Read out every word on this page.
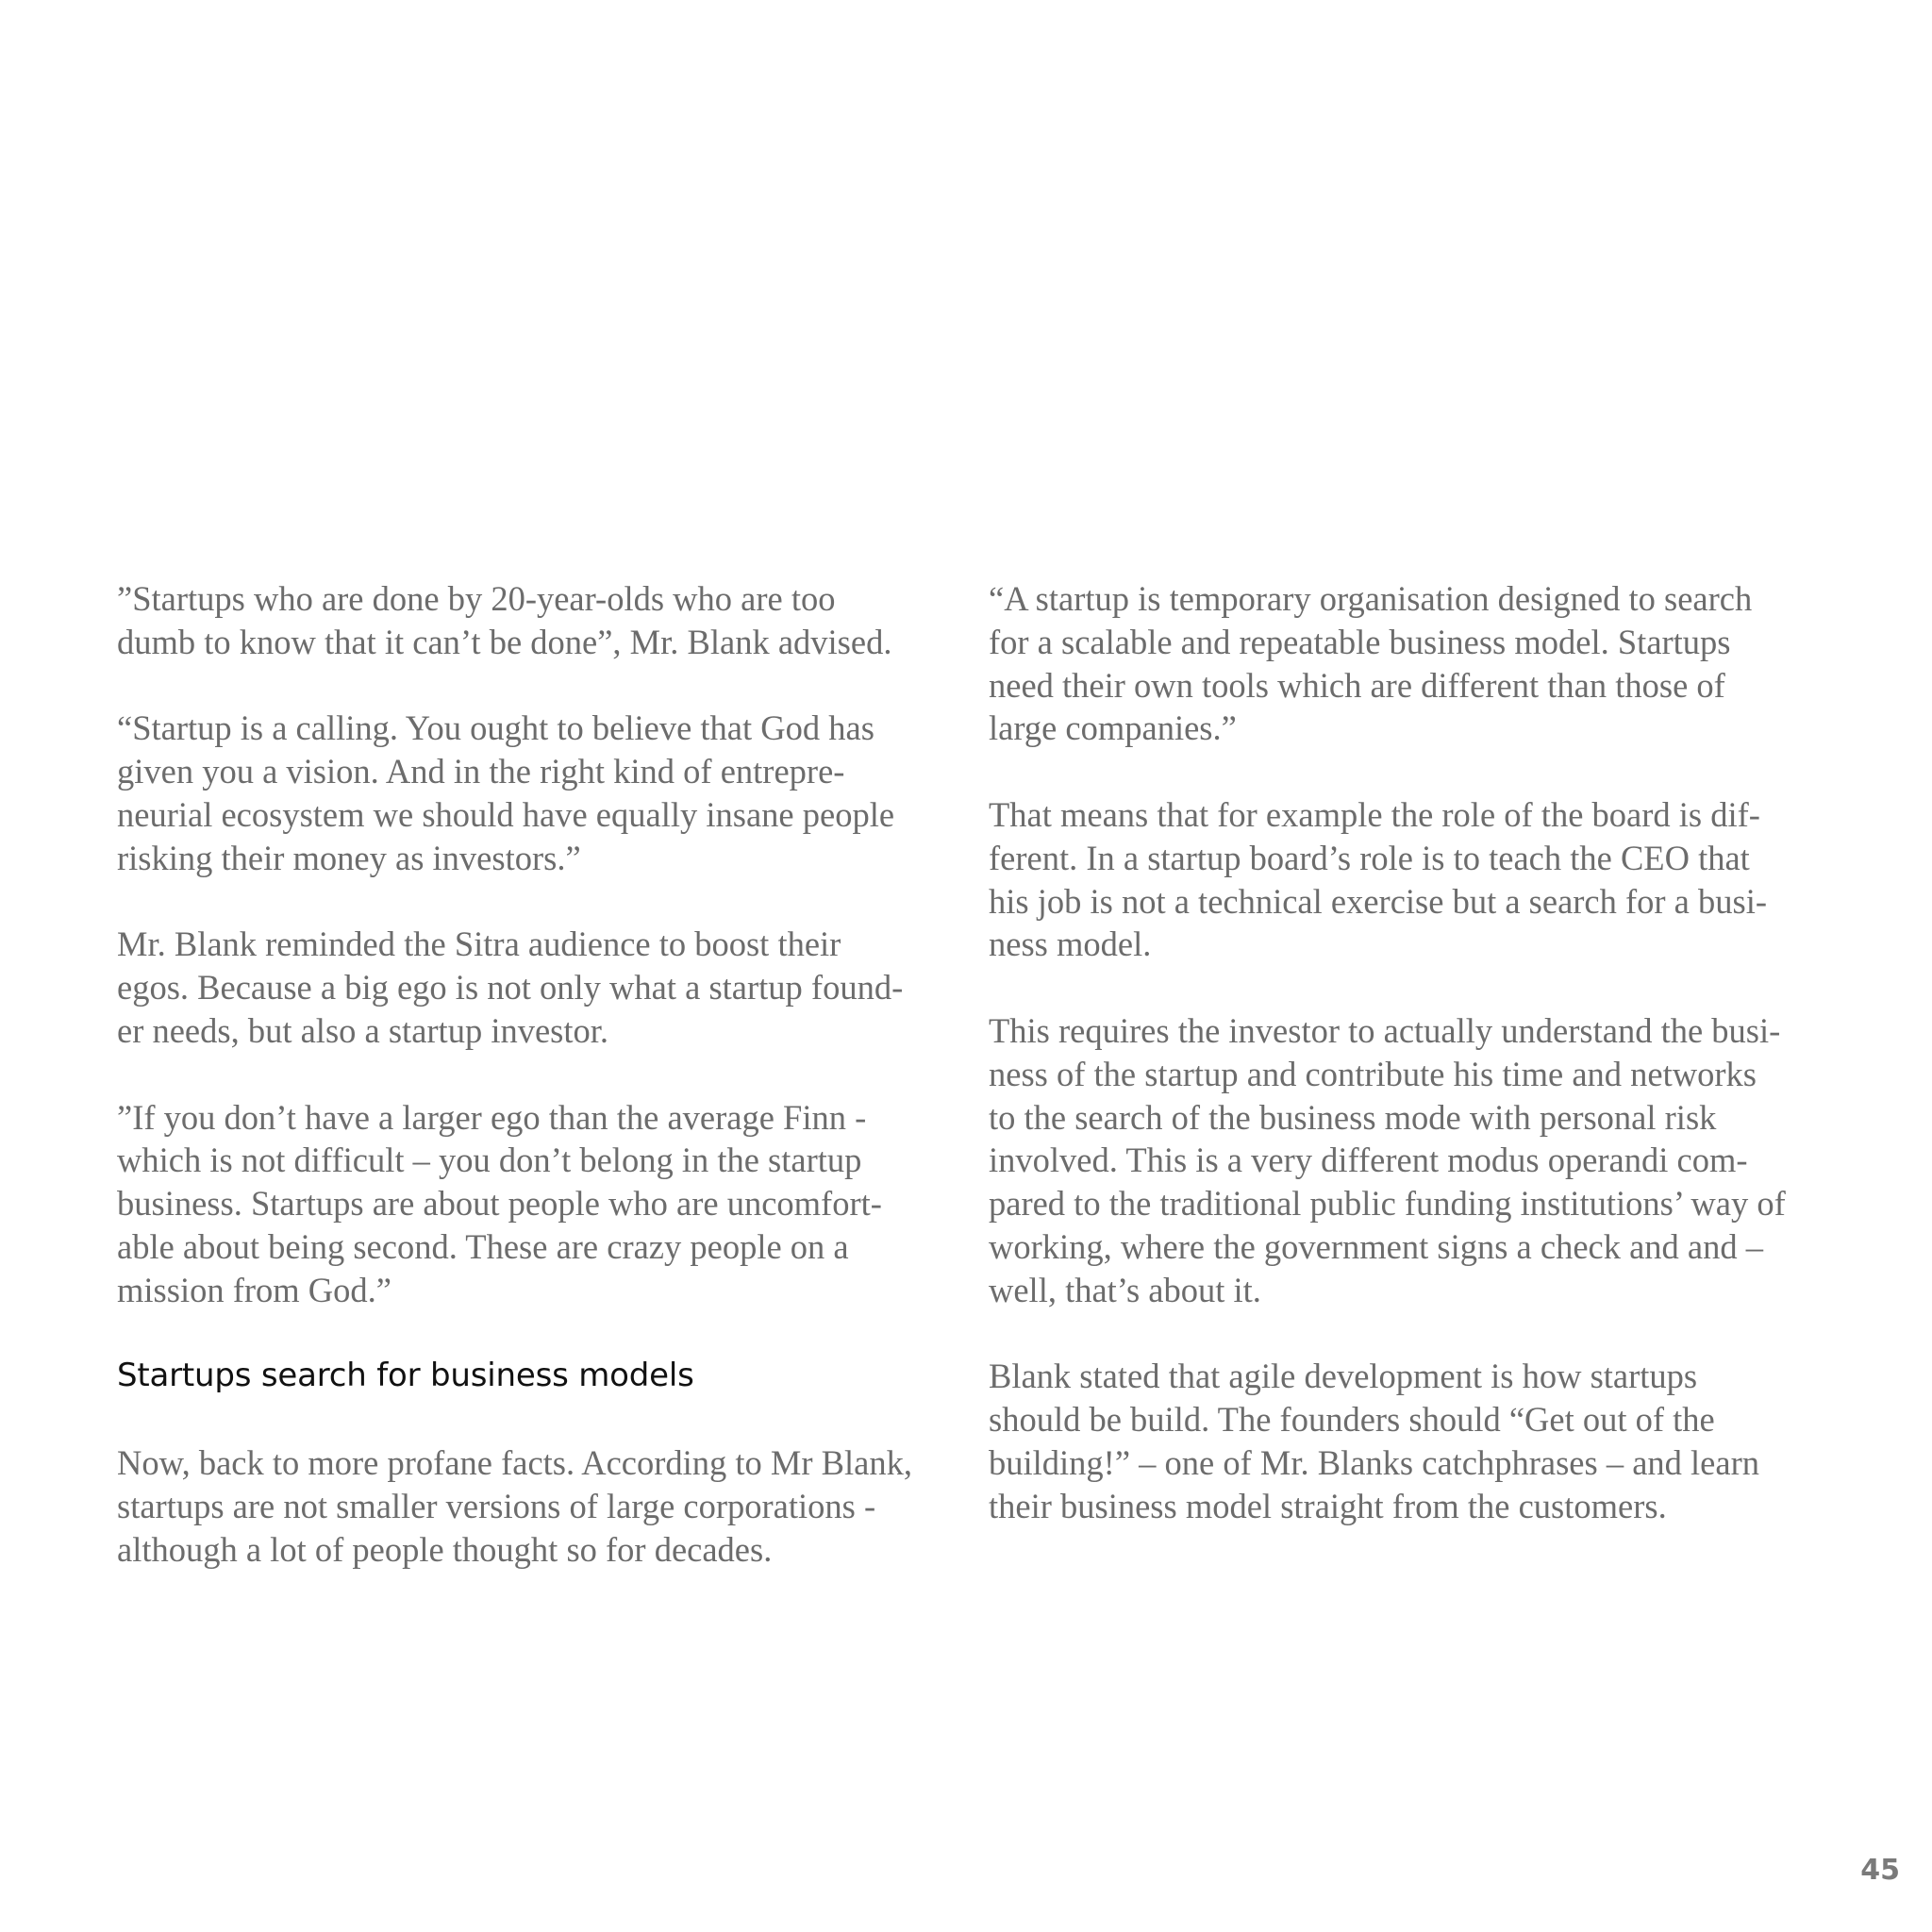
”Startups who are done by 20-year-olds who are too
dumb to know that it can’t be done”, Mr. Blank advised.

“Startup is a calling. You ought to believe that God has
given you a vision. And in the right kind of entrepre-
neurial ecosystem we should have equally insane people
risking their money as investors.”

Mr. Blank reminded the Sitra audience to boost their
egos. Because a big ego is not only what a startup found-
er needs, but also a startup investor.

”If you don’t have a larger ego than the average Finn -
which is not difficult – you don’t belong in the startup
business. Startups are about people who are uncomfort-
able about being second. These are crazy people on a
mission from God.”

Startups search for business models

Now, back to more profane facts. According to Mr Blank,
startups are not smaller versions of large corporations -
although a lot of people thought so for decades.

“A startup is temporary organisation designed to search
for a scalable and repeatable business model. Startups
need their own tools which are different than those of
large companies.”

That means that for example the role of the board is dif-
ferent. In a startup board’s role is to teach the CEO that
his job is not a technical exercise but a search for a busi-
ness model.

This requires the investor to actually understand the busi-
ness of the startup and contribute his time and networks
to the search of the business mode with personal risk
involved. This is a very different modus operandi com-
pared to the traditional public funding institutions’ way of
working, where the government signs a check and and –
well, that’s about it.

Blank stated that agile development is how startups
should be build. The founders should “Get out of the
building!” – one of Mr. Blanks catchphrases – and learn
their business model straight from the customers.

45
